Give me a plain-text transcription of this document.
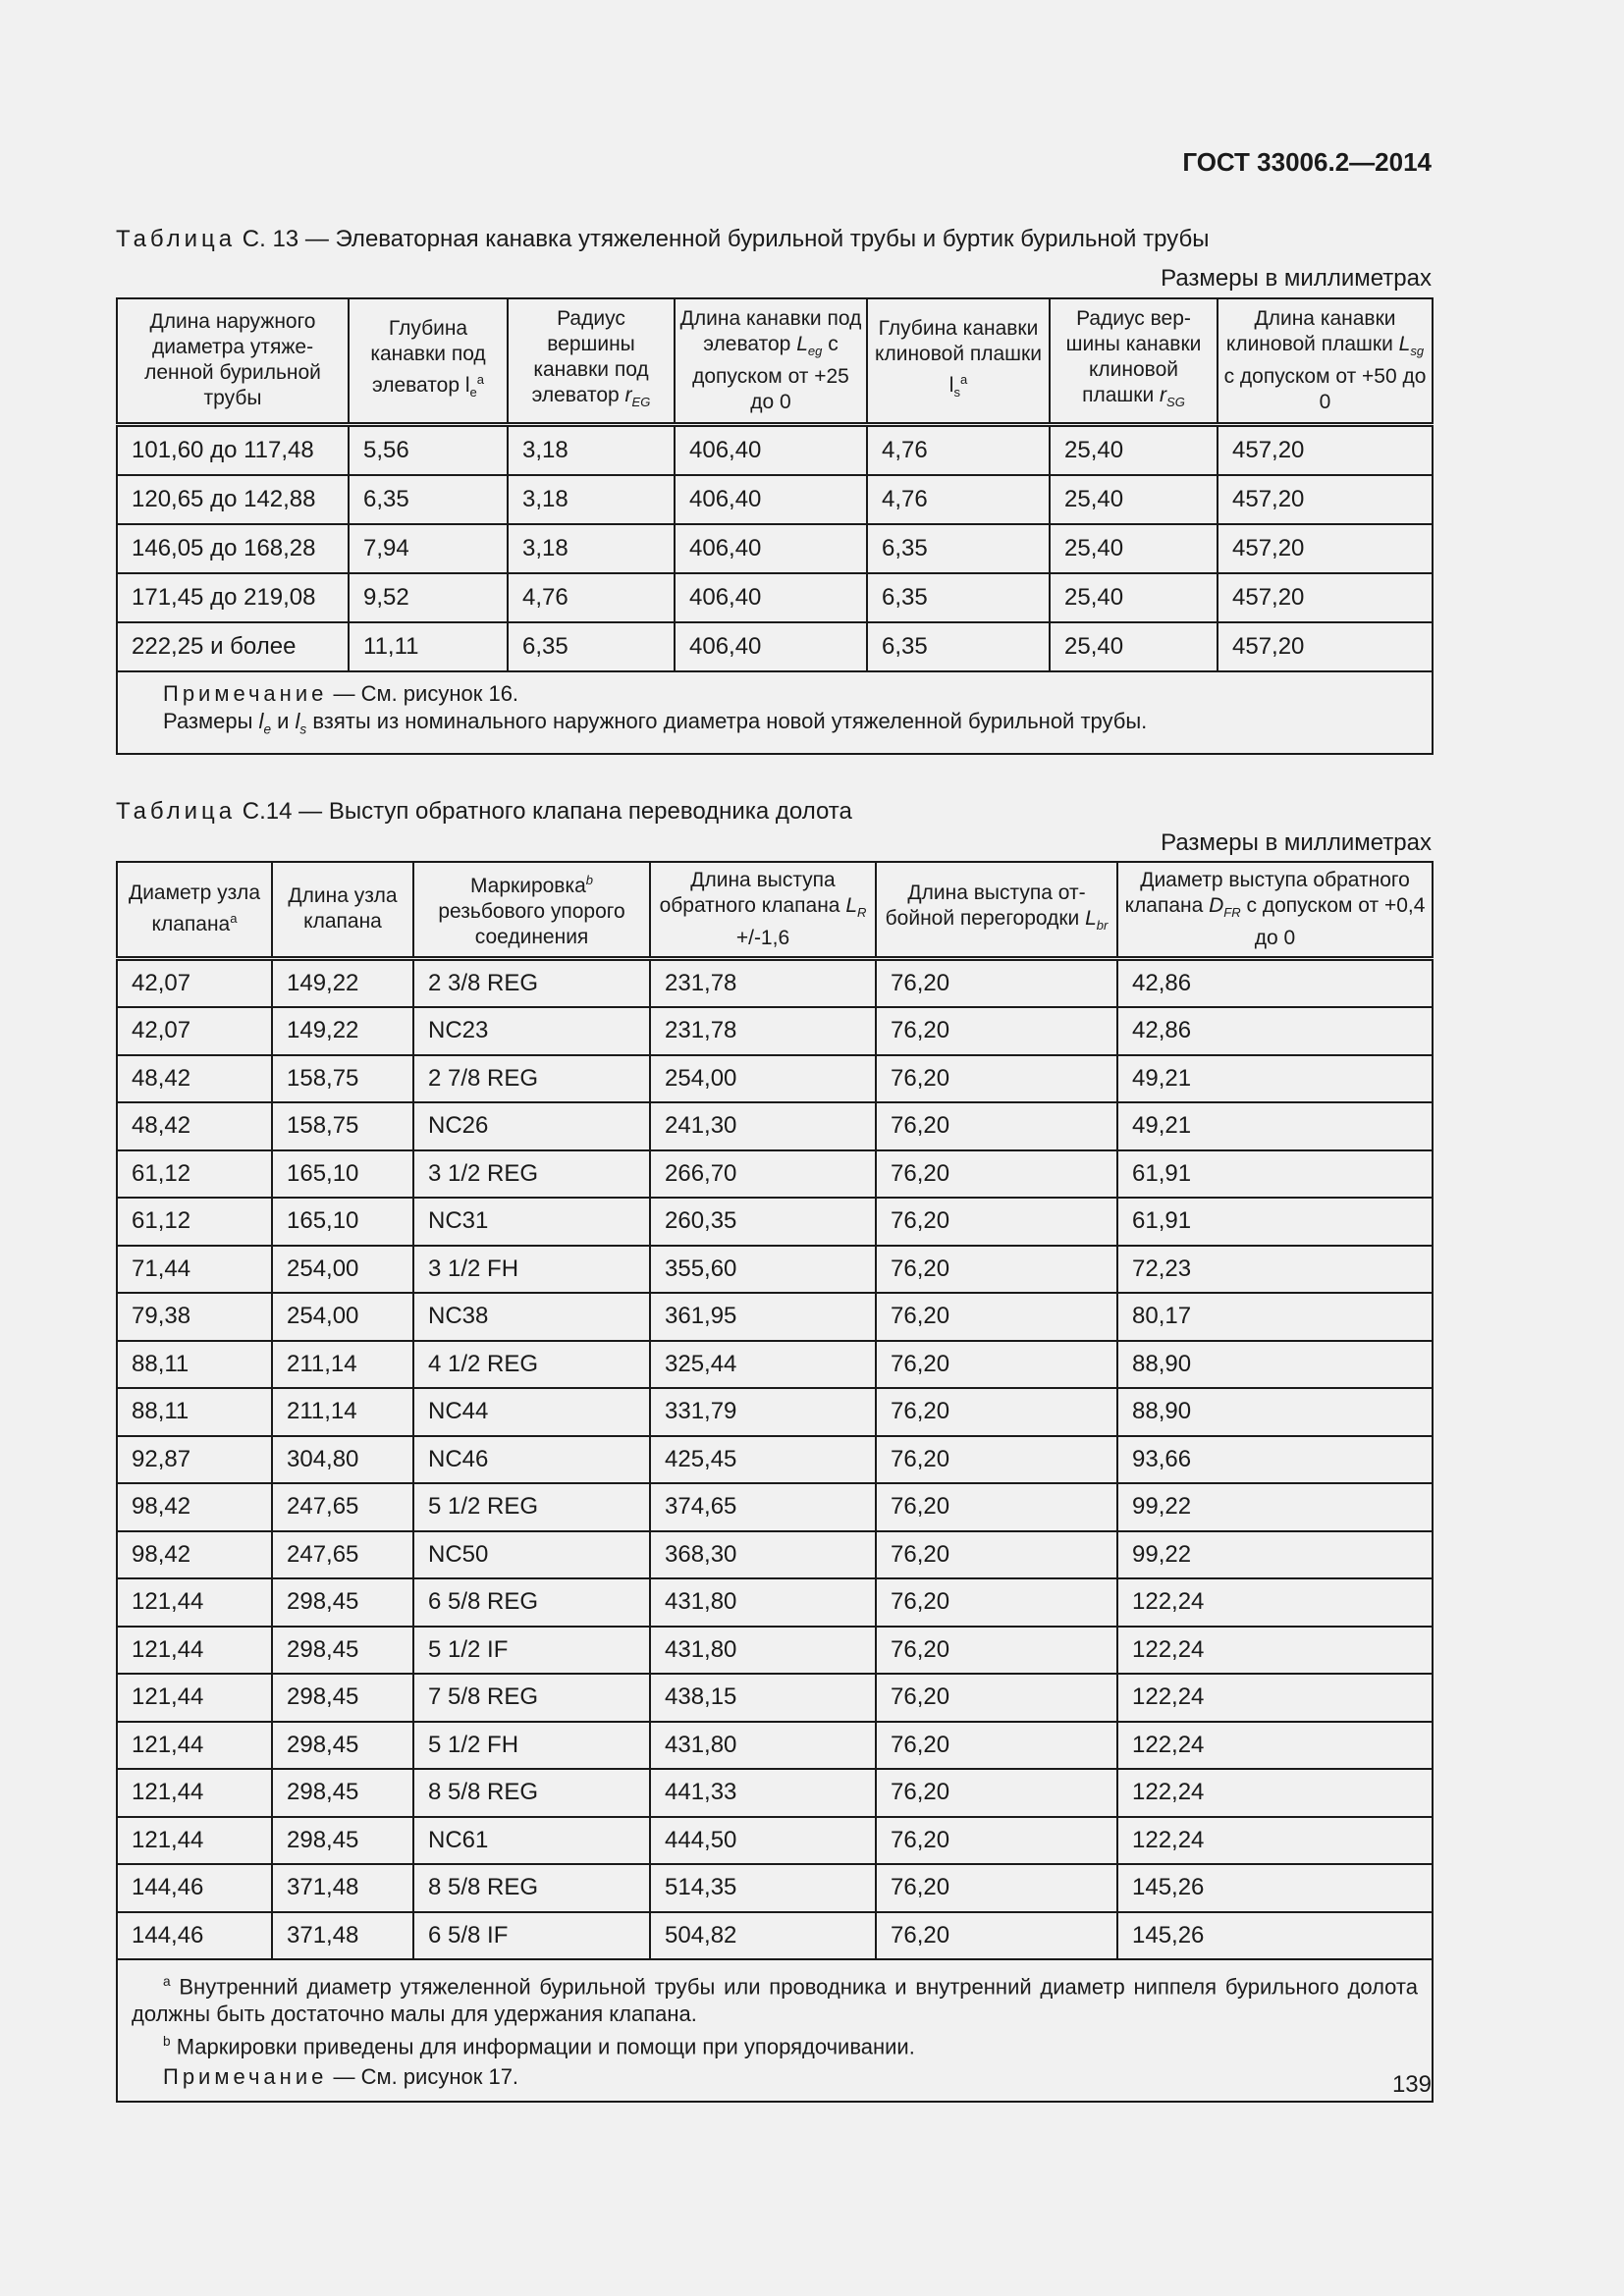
ГОСТ 33006.2—2014
Таблица С. 13 — Элеваторная канавка утяжеленной бурильной трубы и буртик бурильной трубы
Размеры в миллиметрах
Длина наружного диаметра утяжеленной бурильной трубы	Глубина канавки под элеватор $l_e^a$	Радиус вершины канавки под элеватор $r_{EG}$	Длина канавки под элеватор $L_{eg}$ с допуском от +25 до 0	Глубина канавки клиновой плашки $l_s^a$	Радиус вершины канавки клиновой плашки $r_{SG}$	Длина канавки клиновой плашки $L_{sg}$ с допуском от +50 до 0
101,60 до 117,48	5,56	3,18	406,40	4,76	25,40	457,20
120,65 до 142,88	6,35	3,18	406,40	4,76	25,40	457,20
146,05 до 168,28	7,94	3,18	406,40	6,35	25,40	457,20
171,45 до 219,08	9,52	4,76	406,40	6,35	25,40	457,20
222,25 и более	11,11	6,35	406,40	6,35	25,40	457,20

Примечание — См. рисунок 16.
Размеры $l_e$ и $l_s$ взяты из номинального наружного диаметра новой утяжеленной бурильной трубы.						
Таблица С.14 — Выступ обратного клапана переводника долота
Размеры в миллиметрах
Диаметр узла клапана$^a$	Длина узла клапана	Маркировка$^b$ резьбового упорого соединения	Длина выступа обратного клапана $L_R +/-1,6$	Длина выступа отбойной перегородки $L_{br}$	Диаметр выступа обратного клапана $D_{FR}$ с допуском от +0,4 до 0
42,07	149,22	2 3/8 REG	231,78	76,20	42,86
42,07	149,22	NC23	231,78	76,20	42,86
48,42	158,75	2 7/8 REG	254,00	76,20	49,21
48,42	158,75	NC26	241,30	76,20	49,21
61,12	165,10	3 1/2 REG	266,70	76,20	61,91
61,12	165,10	NC31	260,35	76,20	61,91
71,44	254,00	3 1/2 FH	355,60	76,20	72,23
79,38	254,00	NC38	361,95	76,20	80,17
88,11	211,14	4 1/2 REG	325,44	76,20	88,90
88,11	211,14	NC44	331,79	76,20	88,90
92,87	304,80	NC46	425,45	76,20	93,66
98,42	247,65	5 1/2 REG	374,65	76,20	99,22
98,42	247,65	NC50	368,30	76,20	99,22
121,44	298,45	6 5/8 REG	431,80	76,20	122,24
121,44	298,45	5 1/2 IF	431,80	76,20	122,24
121,44	298,45	7 5/8 REG	438,15	76,20	122,24
121,44	298,45	5 1/2 FH	431,80	76,20	122,24
121,44	298,45	8 5/8 REG	441,33	76,20	122,24
121,44	298,45	NC61	444,50	76,20	122,24
144,46	371,48	8 5/8 REG	514,35	76,20	145,26
144,46	371,48	6 5/8 IF	504,82	76,20	145,26

$^a$ Внутренний диаметр утяжеленной бурильной трубы или проводника и внутренний диаметр ниппеля бурильного долота должны быть достаточно малы для удержания клапана.
$^b$ Маркировки приведены для информации и помощи при упорядочивании.
Примечание — См. рисунок 17.						139
